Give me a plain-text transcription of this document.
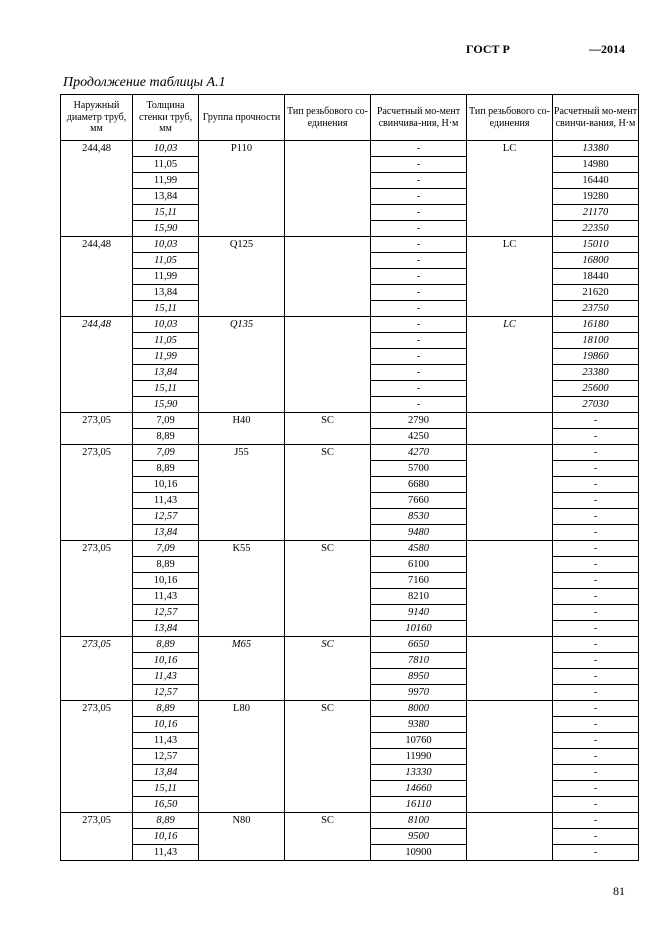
ГОСТ Р	—2014
Продолжение таблицы А.1
Наружный диаметр труб, мм	Толщина стенки труб, мм	Группа прочности	Тип резьбового со-единения	Расчетный мо-мент свинчива-ния, Н·м	Тип резьбового со-единения	Расчетный мо-мент свинчи-вания, Н·м
244,48	10,03	P110		-	LC	13380
	11,05			-		14980
	11,99			-		16440
	13,84			-		19280
	15,11			-		21170
	15,90			-		22350
244,48	10,03	Q125		-	LC	15010
	11,05			-		16800
	11,99			-		18440
	13,84			-		21620
	15,11			-		23750
244,48	10,03	Q135		-	LC	16180
	11,05			-		18100
	11,99			-		19860
	13,84			-		23380
	15,11			-		25600
	15,90			-		27030
273,05	7,09	H40	SC	2790		-
	8,89			4250		-
273,05	7,09	J55	SC	4270		-
	8,89			5700		-
	10,16			6680		-
	11,43			7660		-
	12,57			8530		-
	13,84			9480		-
273,05	7,09	K55	SC	4580		-
	8,89			6100		-
	10,16			7160		-
	11,43			8210		-
	12,57			9140		-
	13,84			10160		-
273,05	8,89	M65	SC	6650		-
	10,16			7810		-
	11,43			8950		-
	12,57			9970		-
273,05	8,89	L80	SC	8000		-
	10,16			9380		-
	11,43			10760		-
	12,57			11990		-
	13,84			13330		-
	15,11			14660		-
	16,50			16110		-
273,05	8,89	N80	SC	8100		-
	10,16			9500		-
	11,43			10900		-
81
